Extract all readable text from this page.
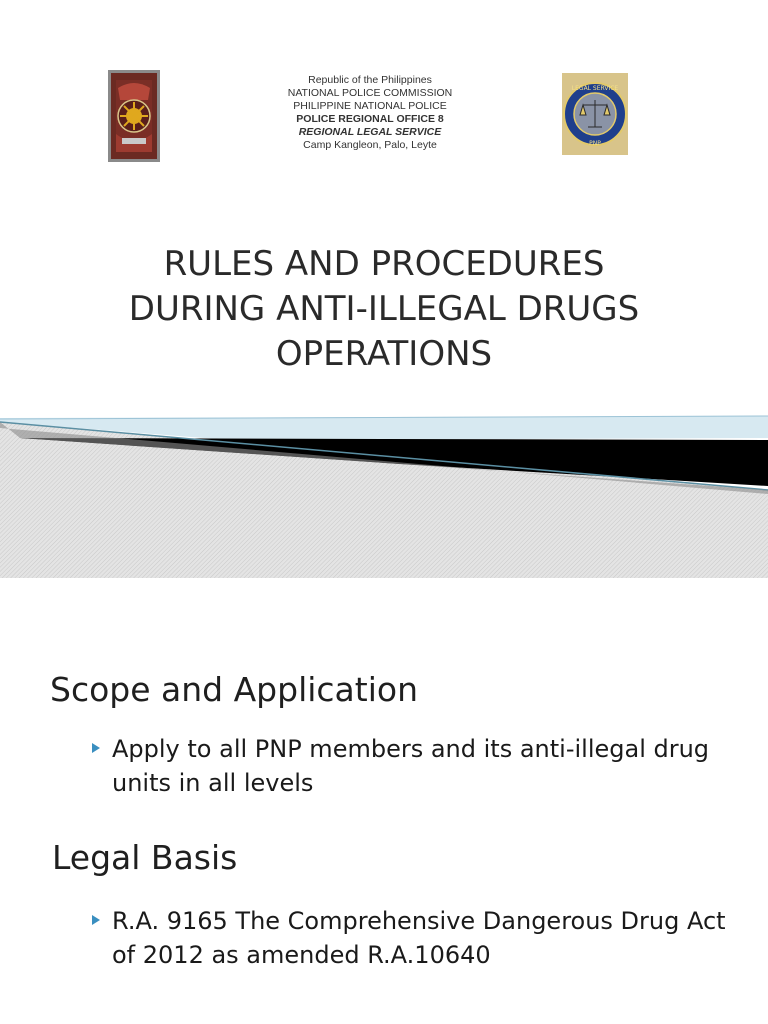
Republic of the Philippines
NATIONAL POLICE COMMISSION
PHILIPPINE NATIONAL POLICE
POLICE REGIONAL OFFICE 8
REGIONAL LEGAL SERVICE
Camp Kangleon, Palo, Leyte
LEGAL SERVICE
PNP
RULES AND PROCEDURES
DURING ANTI-ILLEGAL DRUGS
OPERATIONS
Scope and Application
Apply to all PNP members and its anti-illegal drug units in all levels
Legal Basis
R.A. 9165 The Comprehensive Dangerous Drug Act of 2012 as amended R.A.10640
